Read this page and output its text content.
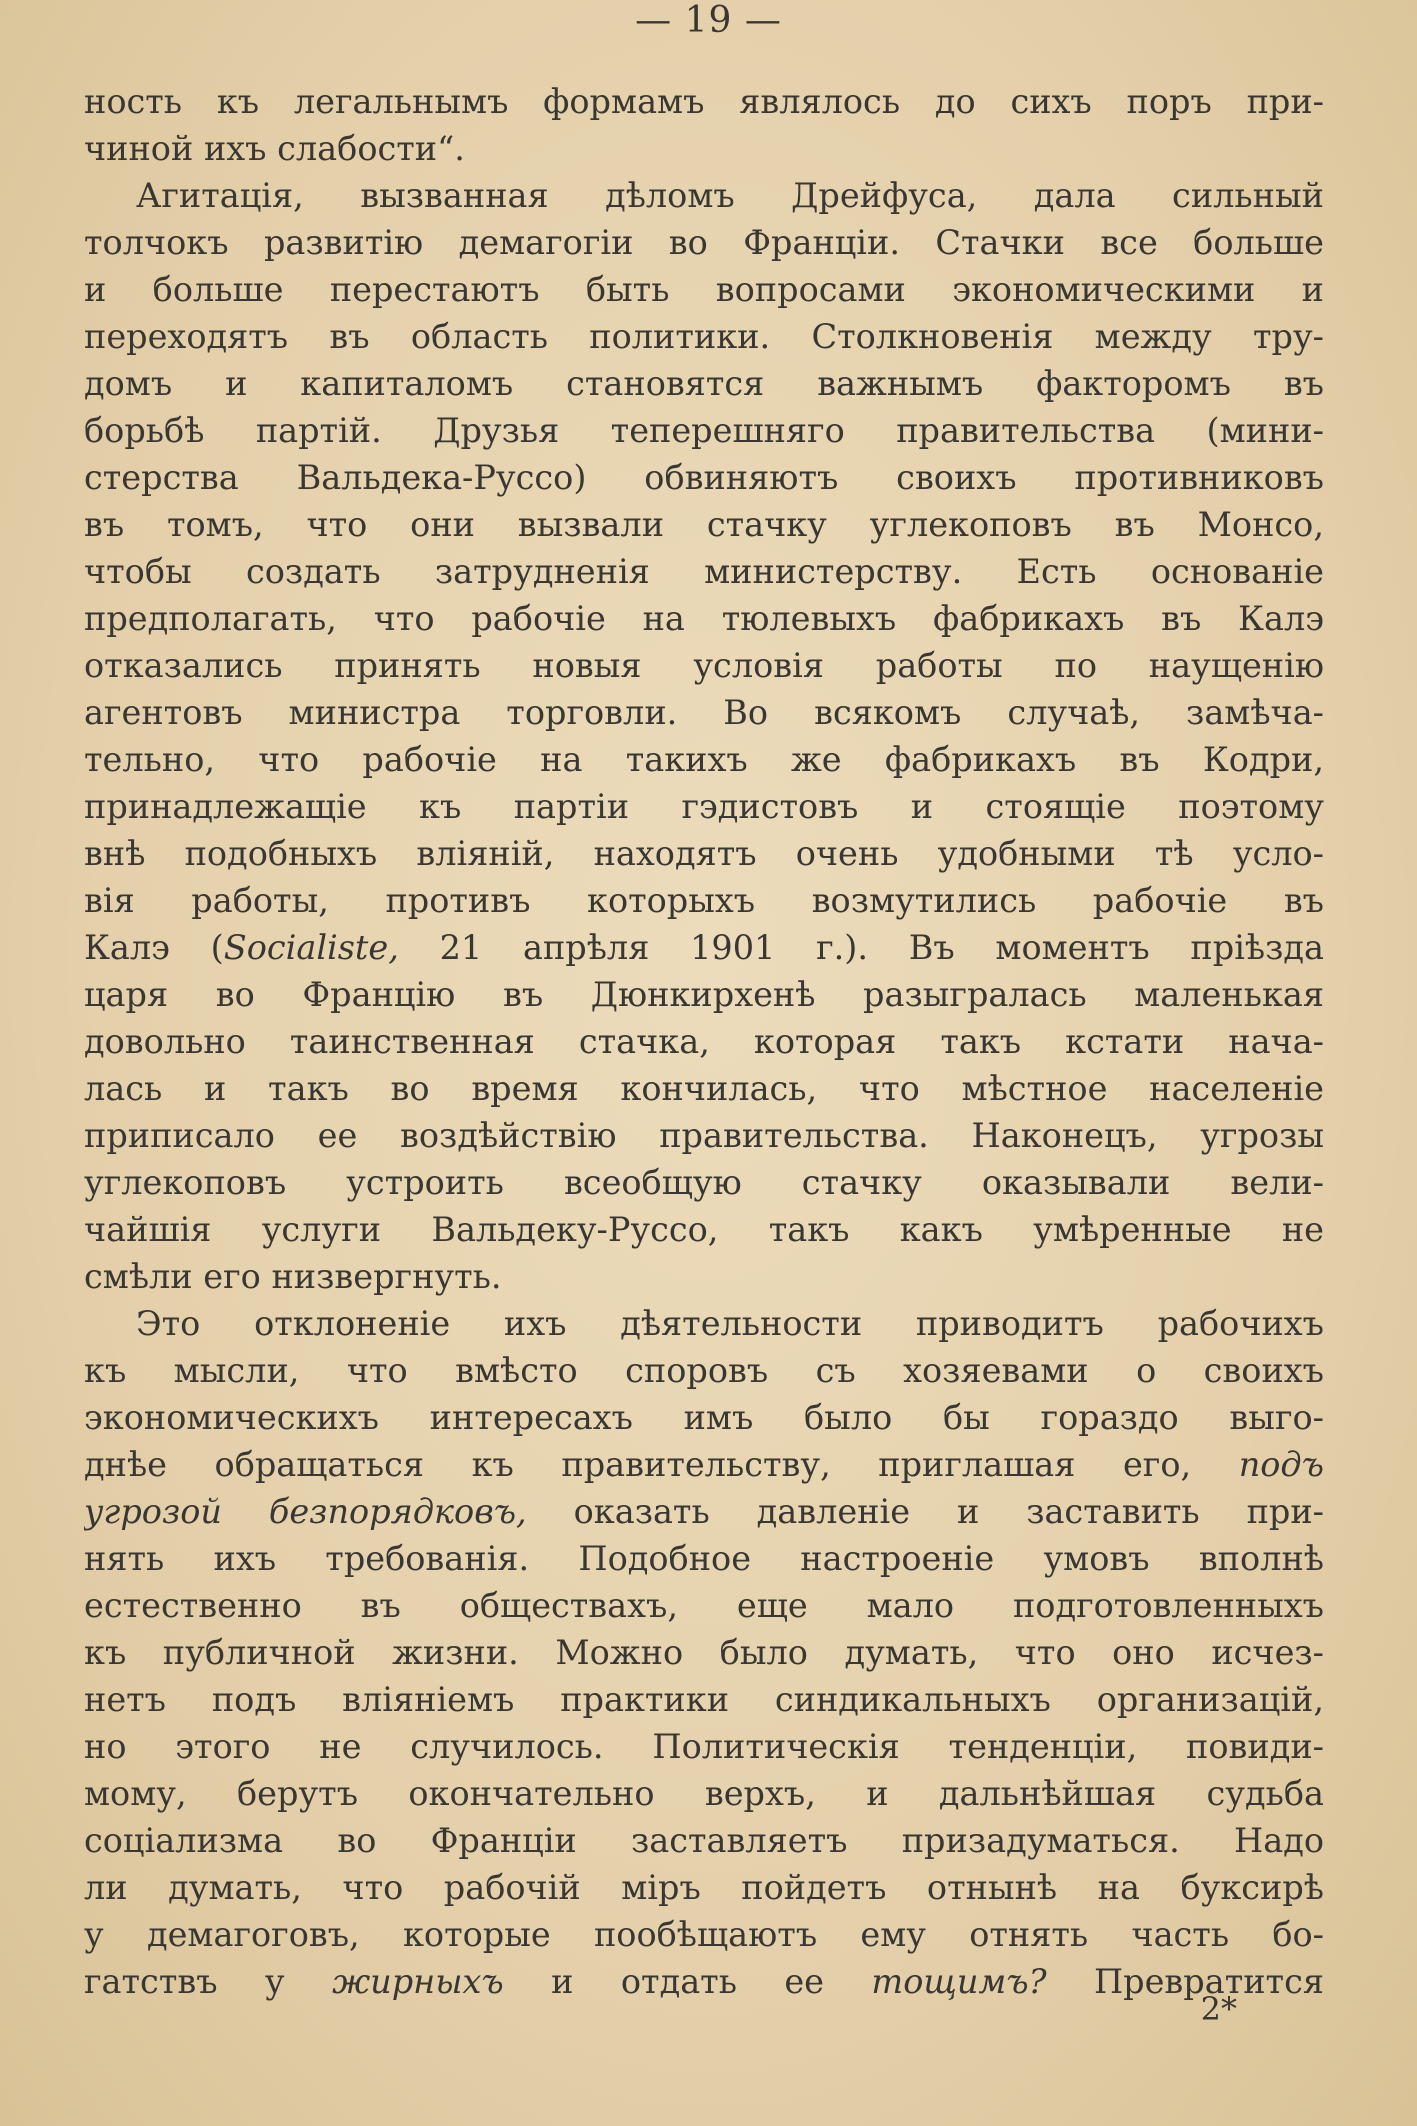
— 19 —
ность къ легальнымъ формамъ являлось до сихъ поръ при-
чиной ихъ слабости“.
Агитація, вызванная дѣломъ Дрейфуса, дала сильный
толчокъ развитію демагогіи во Франціи. Стачки все больше
и больше перестаютъ быть вопросами экономическими и
переходятъ въ область политики. Столкновенія между тру-
домъ и капиталомъ становятся важнымъ факторомъ въ
борьбѣ партій. Друзья теперешняго правительства (мини-
стерства Вальдека-Руссо) обвиняютъ своихъ противниковъ
въ томъ, что они вызвали стачку углекоповъ въ Монсо,
чтобы создать затрудненія министерству. Есть основаніе
предполагать, что рабочіе на тюлевыхъ фабрикахъ въ Калэ
отказались принять новыя условія работы по наущенію
агентовъ министра торговли. Во всякомъ случаѣ, замѣча-
тельно, что рабочіе на такихъ же фабрикахъ въ Кодри,
принадлежащіе къ партіи гэдистовъ и стоящіе поэтому
внѣ подобныхъ вліяній, находятъ очень удобными тѣ усло-
вія работы, противъ которыхъ возмутились рабочіе въ
Калэ (Socialiste, 21 апрѣля 1901 г.). Въ моментъ пріѣзда
царя во Францію въ Дюнкирхенѣ разыгралась маленькая
довольно таинственная стачка, которая такъ кстати нача-
лась и такъ во время кончилась, что мѣстное населеніе
приписало ее воздѣйствію правительства. Наконецъ, угрозы
углекоповъ устроить всеобщую стачку оказывали вели-
чайшія услуги Вальдеку-Руссо, такъ какъ умѣренные не
смѣли его низвергнуть.
Это отклоненіе ихъ дѣятельности приводитъ рабочихъ
къ мысли, что вмѣсто споровъ съ хозяевами о своихъ
экономическихъ интересахъ имъ было бы гораздо выго-
днѣе обращаться къ правительству, приглашая его, подъ
угрозой безпорядковъ, оказать давленіе и заставить при-
нять ихъ требованія. Подобное настроеніе умовъ вполнѣ
естественно въ обществахъ, еще мало подготовленныхъ
къ публичной жизни. Можно было думать, что оно исчез-
нетъ подъ вліяніемъ практики синдикальныхъ организацій,
но этого не случилось. Политическія тенденціи, повиди-
мому, берутъ окончательно верхъ, и дальнѣйшая судьба
соціализма во Франціи заставляетъ призадуматься. Надо
ли думать, что рабочій міръ пойдетъ отнынѣ на буксирѣ
у демагоговъ, которые пообѣщаютъ ему отнять часть бо-
гатствъ у жирныхъ и отдать ее тощимъ? Превратится
2*
